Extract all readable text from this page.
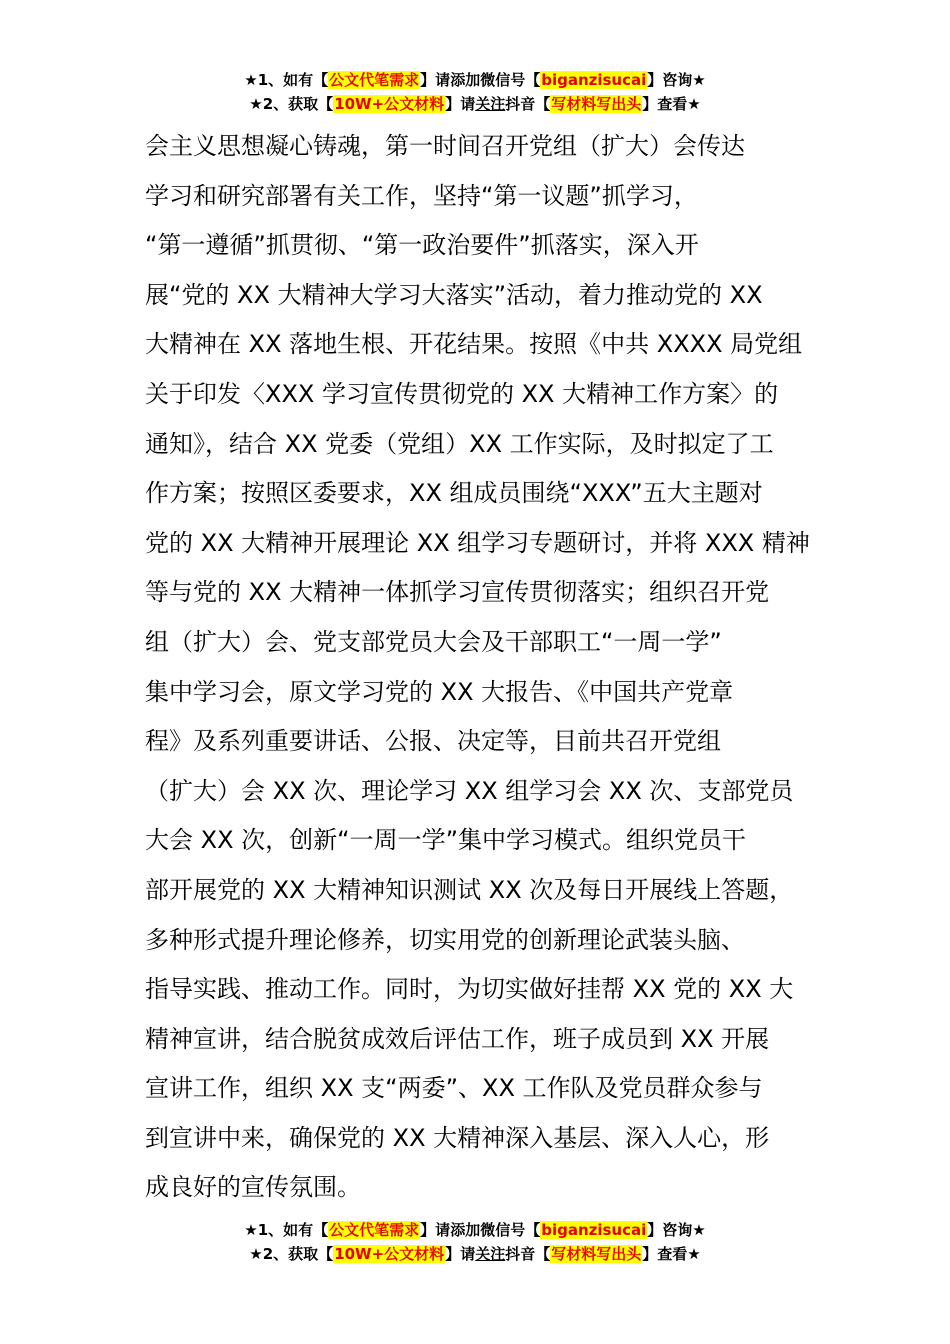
★1、如有【公文代笔需求】请添加微信号【biganzisucai】咨询★
★2、获取【10W+公文材料】请关注抖音【写材料写出头】查看★
会主义思想凝心铸魂，第一时间召开党组（扩大）会传达
学习和研究部署有关工作，坚持“第一议题”抓学习，
“第一遵循”抓贯彻、“第一政治要件”抓落实，深入开
展“党的 XX 大精神大学习大落实”活动，着力推动党的 XX
大精神在 XX 落地生根、开花结果。按照《中共 XXXX 局党组
关于印发〈XXX 学习宣传贯彻党的 XX 大精神工作方案〉的
通知》，结合 XX 党委（党组）XX 工作实际，及时拟定了工
作方案；按照区委要求，XX 组成员围绕“XXX”五大主题对
党的 XX 大精神开展理论 XX 组学习专题研讨，并将 XXX 精神
等与党的 XX 大精神一体抓学习宣传贯彻落实；组织召开党
组（扩大）会、党支部党员大会及干部职工“一周一学”
集中学习会，原文学习党的 XX 大报告、《中国共产党章
程》及系列重要讲话、公报、决定等，目前共召开党组
（扩大）会 XX 次、理论学习 XX 组学习会 XX 次、支部党员
大会 XX 次，创新“一周一学”集中学习模式。组织党员干
部开展党的 XX 大精神知识测试 XX 次及每日开展线上答题，
多种形式提升理论修养，切实用党的创新理论武装头脑、
指导实践、推动工作。同时，为切实做好挂帮 XX 党的 XX 大
精神宣讲，结合脱贫成效后评估工作，班子成员到 XX 开展
宣讲工作，组织 XX 支“两委”、XX 工作队及党员群众参与
到宣讲中来，确保党的 XX 大精神深入基层、深入人心，形
成良好的宣传氛围。
★1、如有【公文代笔需求】请添加微信号【biganzisucai】咨询★
★2、获取【10W+公文材料】请关注抖音【写材料写出头】查看★
